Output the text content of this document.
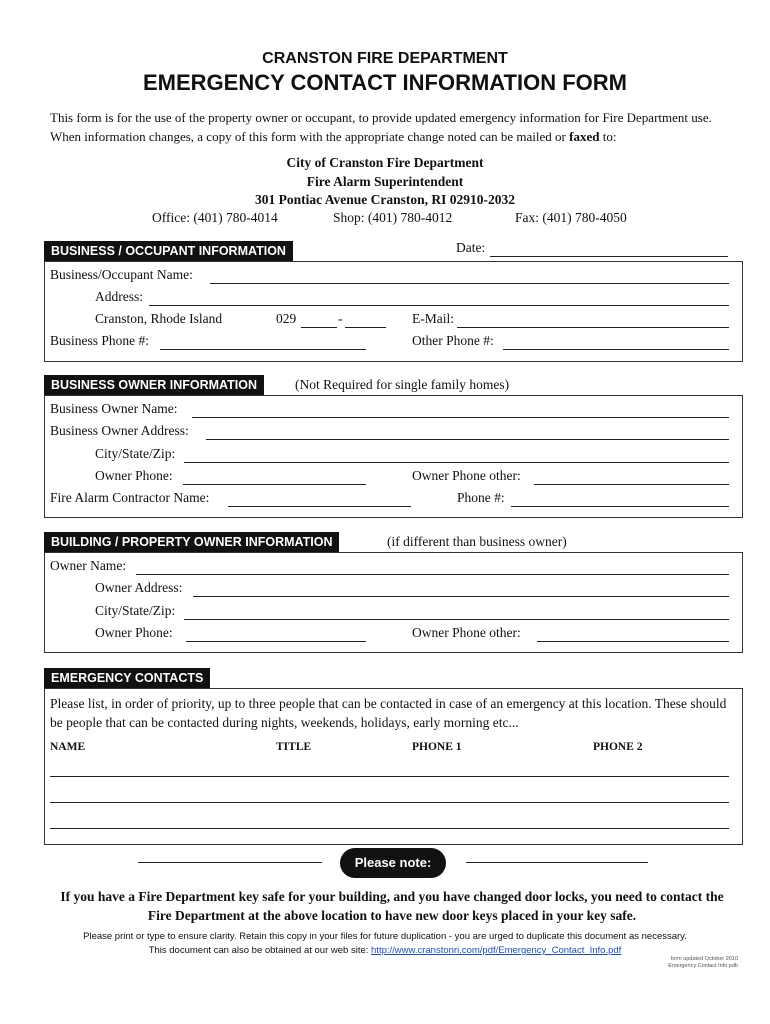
CRANSTON FIRE DEPARTMENT
EMERGENCY CONTACT INFORMATION FORM
This form is for the use of the property owner or occupant, to provide updated emergency information for Fire Department use. When information changes, a copy of this form with the appropriate change noted can be mailed or faxed to:
City of Cranston Fire Department
Fire Alarm Superintendent
301 Pontiac Avenue Cranston, RI 02910-2032
Office: (401) 780-4014	Shop: (401) 780-4012	Fax: (401) 780-4050
BUSINESS / OCCUPANT INFORMATION	Date:
Business/Occupant Name:
Address:
Cranston, Rhode Island	029	-	E-Mail:
Business Phone #:	Other Phone #:
BUSINESS OWNER INFORMATION	(Not Required for single family homes)
Business Owner Name:
Business Owner Address:
City/State/Zip:
Owner Phone:	Owner Phone other:
Fire Alarm Contractor Name:	Phone #:
BUILDING / PROPERTY OWNER INFORMATION	(if different than business owner)
Owner Name:
Owner Address:
City/State/Zip:
Owner Phone:	Owner Phone other:
EMERGENCY CONTACTS
Please list, in order of priority, up to three people that can be contacted in case of an emergency at this location. These should be people that can be contacted during nights, weekends, holidays, early morning etc...
NAME	TITLE	PHONE 1	PHONE 2
Please note:
If you have a Fire Department key safe for your building, and you have changed door locks, you need to contact the Fire Department at the above location to have new door keys placed in your key safe.
Please print or type to ensure clarity. Retain this copy in your files for future duplication - you are urged to duplicate this document as necessary.
This document can also be obtained at our web site: http://www.cranstonri.com/pdf/Emergency_Contact_Info.pdf
form updated October 2010
Emergency Contact Info.pdb
